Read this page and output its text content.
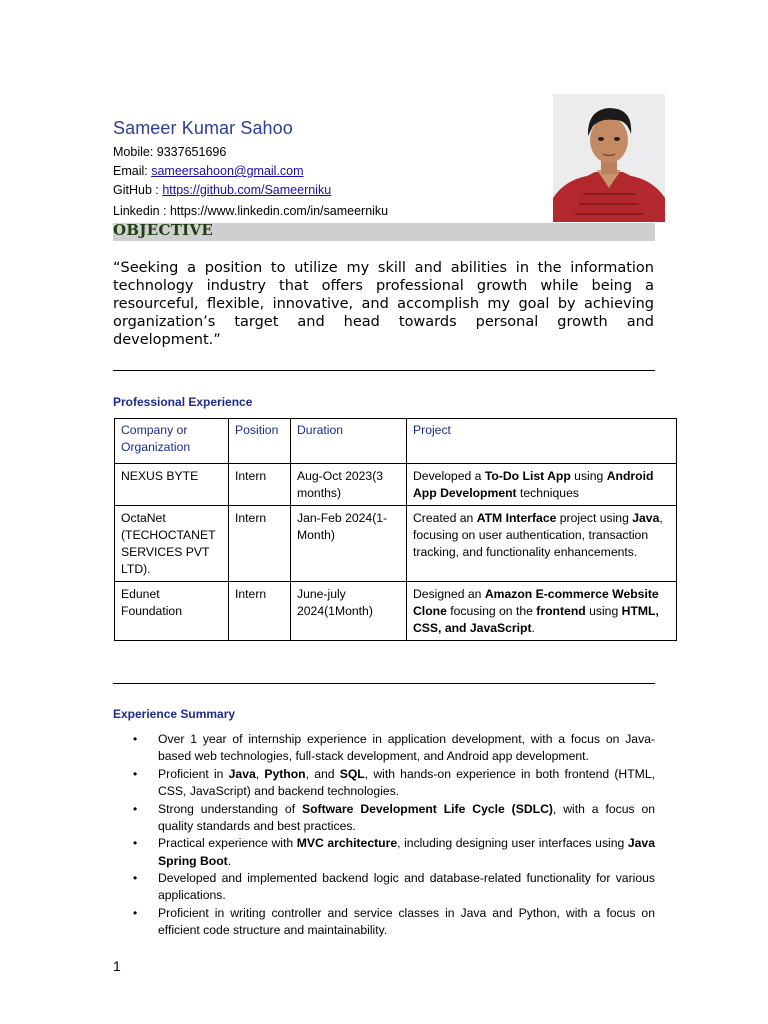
Sameer Kumar Sahoo
Mobile: 9337651696
Email: sameersahoon@gmail.com
GitHub : https://github.com/Sameerniku
Linkedin : https://www.linkedin.com/in/sameerniku
OBJECTIVE
“Seeking a position to utilize my skill and abilities in the information technology industry that offers professional growth while being a resourceful, flexible, innovative, and accomplish my goal by achieving organization’s target and head towards personal growth and development.”
Professional Experience
Company or Organization	Position	Duration	Project
NEXUS BYTE	Intern	Aug-Oct 2023(3 months)	Developed a To-Do List App using Android App Development techniques
OctaNet (TECHOCTANET SERVICES PVT LTD).	Intern	Jan-Feb 2024(1-Month)	Created an ATM Interface project using Java, focusing on user authentication, transaction tracking, and functionality enhancements.
Edunet Foundation	Intern	June-july 2024(1Month)	Designed an Amazon E-commerce Website Clone focusing on the frontend using HTML, CSS, and JavaScript.
Experience Summary
• Over 1 year of internship experience in application development, with a focus on Java-based web technologies, full-stack development, and Android app development.
• Proficient in Java, Python, and SQL, with hands-on experience in both frontend (HTML, CSS, JavaScript) and backend technologies.
• Strong understanding of Software Development Life Cycle (SDLC), with a focus on quality standards and best practices.
• Practical experience with MVC architecture, including designing user interfaces using Java Spring Boot.
• Developed and implemented backend logic and database-related functionality for various applications.
• Proficient in writing controller and service classes in Java and Python, with a focus on efficient code structure and maintainability.
1
